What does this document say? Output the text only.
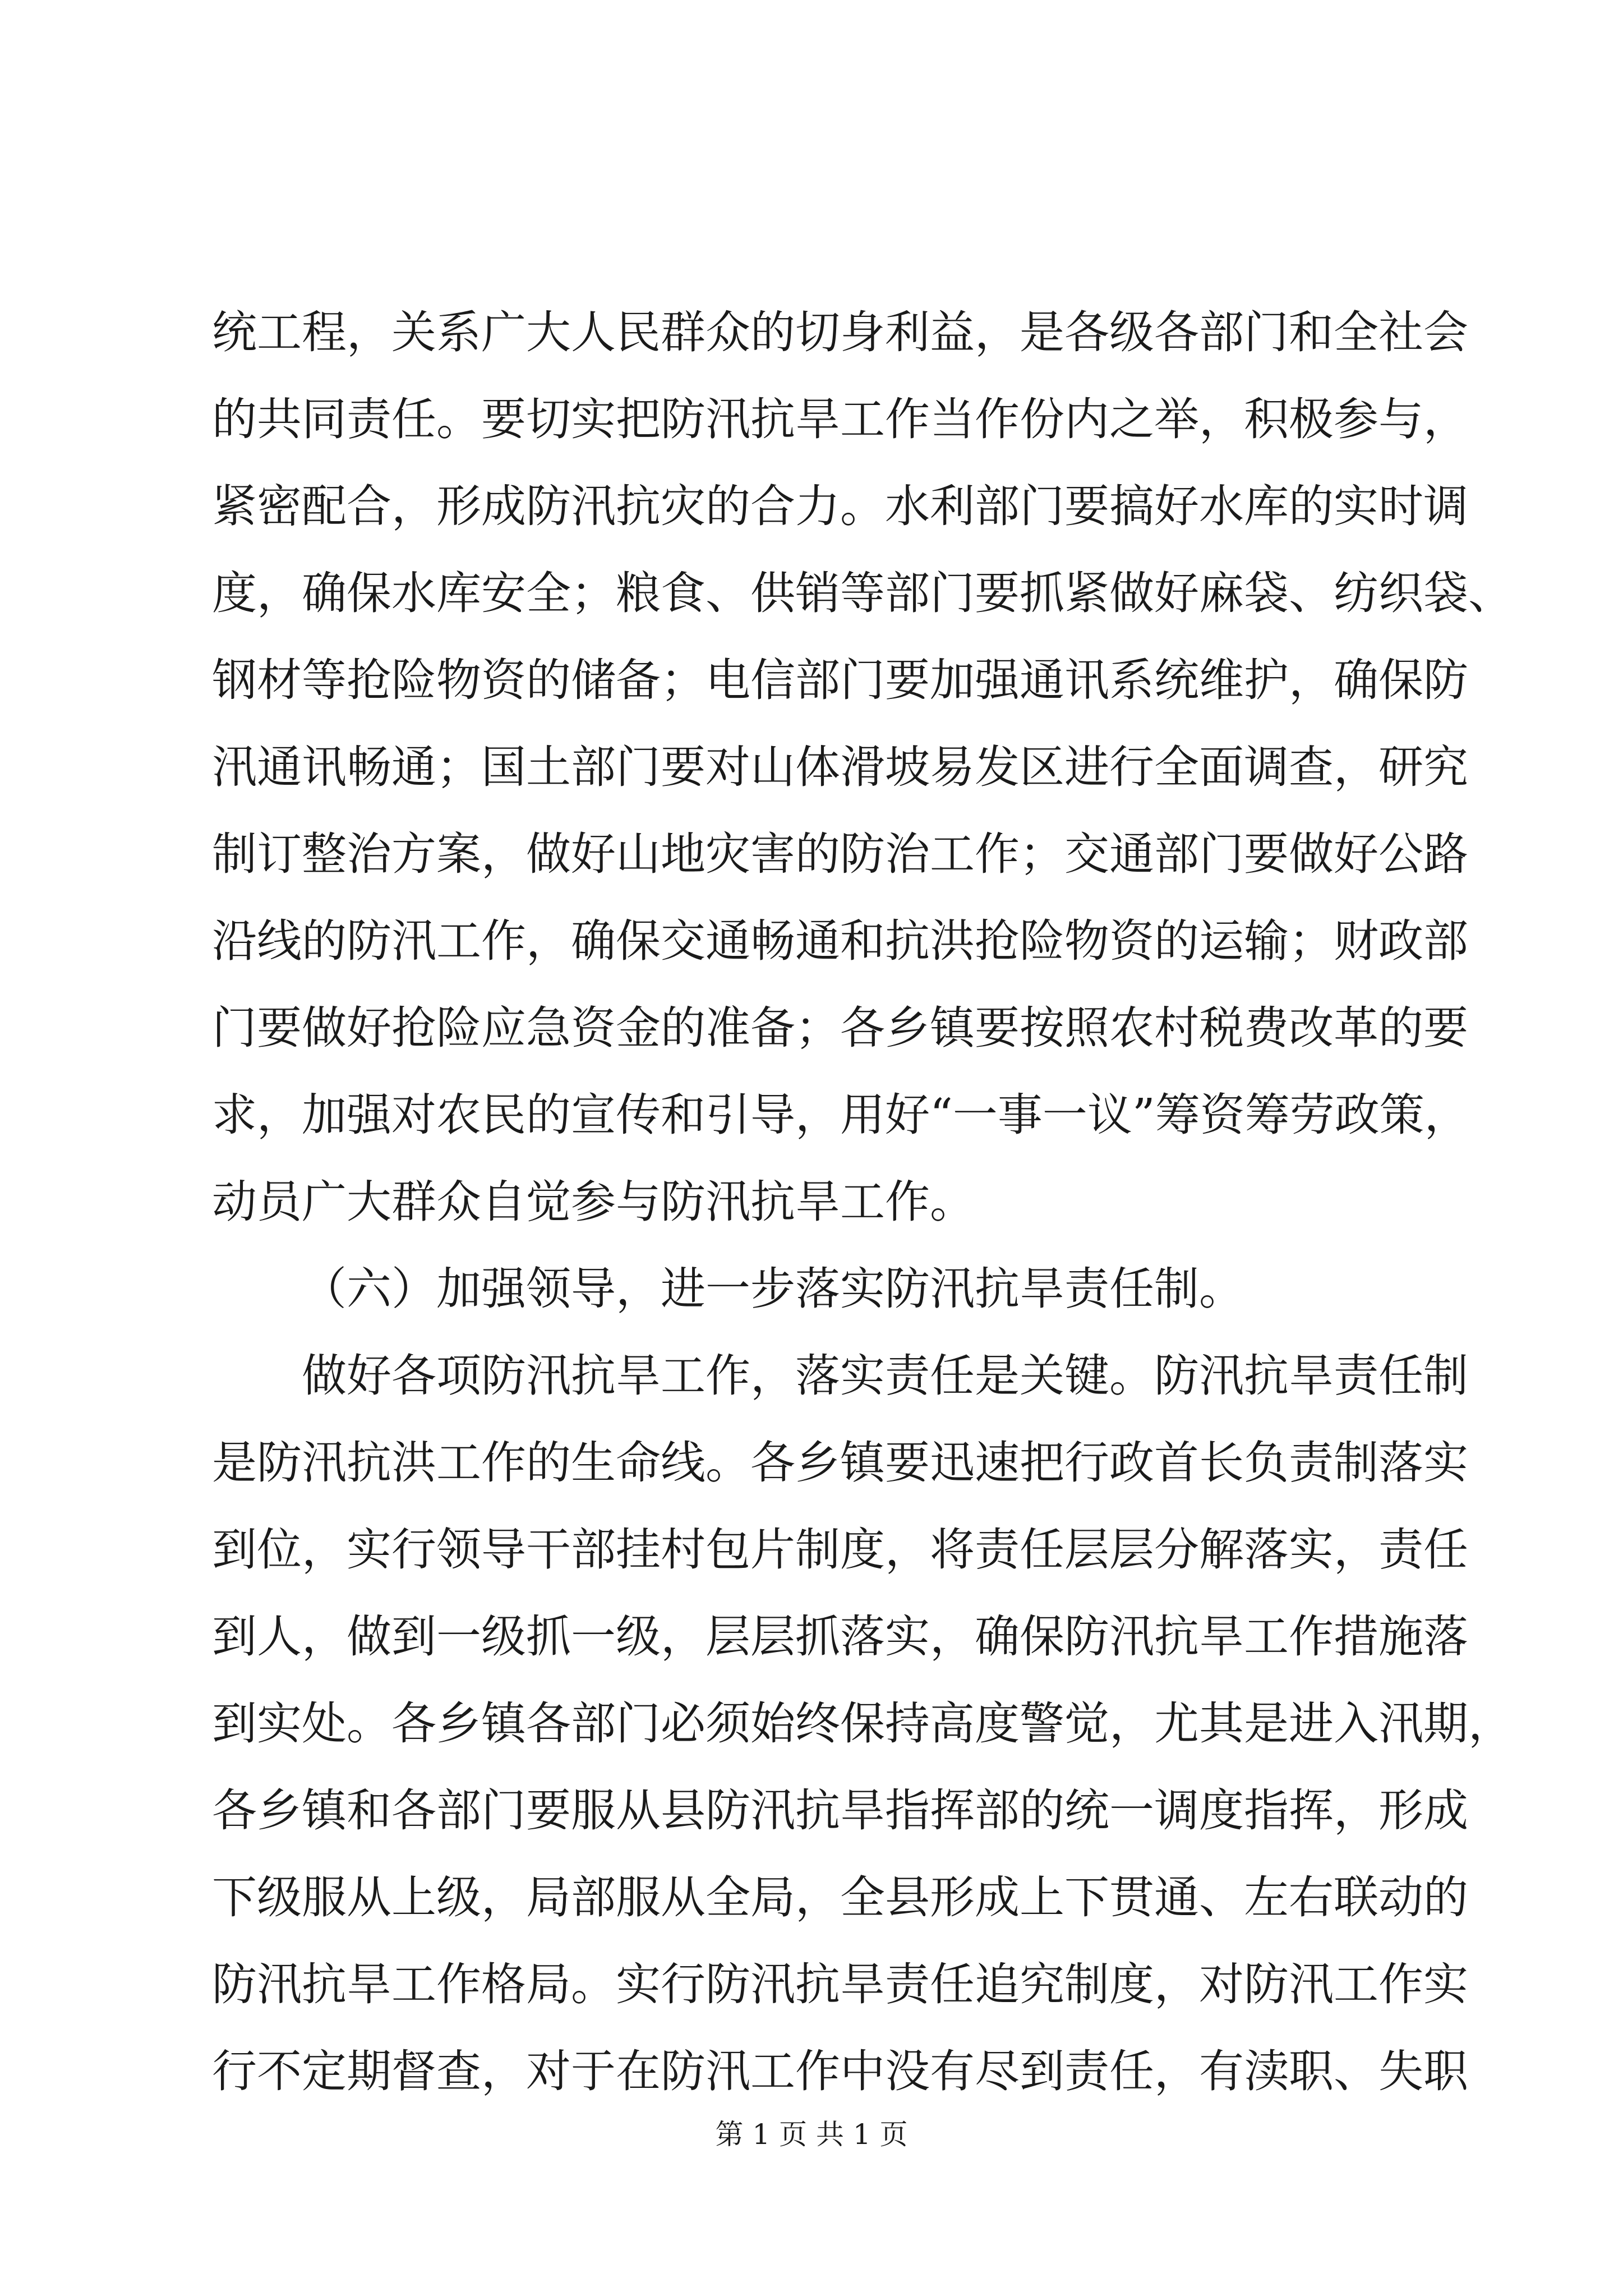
统工程，关系广大人民群众的切身利益，是各级各部门和全社会
的共同责任。要切实把防汛抗旱工作当作份内之举，积极参与，
紧密配合，形成防汛抗灾的合力。水利部门要搞好水库的实时调
度，确保水库安全；粮食、供销等部门要抓紧做好麻袋、纺织袋、
钢材等抢险物资的储备；电信部门要加强通讯系统维护，确保防
汛通讯畅通；国土部门要对山体滑坡易发区进行全面调查，研究
制订整治方案，做好山地灾害的防治工作；交通部门要做好公路
沿线的防汛工作，确保交通畅通和抗洪抢险物资的运输；财政部
门要做好抢险应急资金的准备；各乡镇要按照农村税费改革的要
求，加强对农民的宣传和引导，用好“一事一议”筹资筹劳政策，
动员广大群众自觉参与防汛抗旱工作。
（六）加强领导，进一步落实防汛抗旱责任制。
做好各项防汛抗旱工作，落实责任是关键。防汛抗旱责任制
是防汛抗洪工作的生命线。各乡镇要迅速把行政首长负责制落实
到位，实行领导干部挂村包片制度，将责任层层分解落实，责任
到人，做到一级抓一级，层层抓落实，确保防汛抗旱工作措施落
到实处。各乡镇各部门必须始终保持高度警觉，尤其是进入汛期，
各乡镇和各部门要服从县防汛抗旱指挥部的统一调度指挥，形成
下级服从上级，局部服从全局，全县形成上下贯通、左右联动的
防汛抗旱工作格局。实行防汛抗旱责任追究制度，对防汛工作实
行不定期督查，对于在防汛工作中没有尽到责任，有渎职、失职
第 1 页 共 1 页
